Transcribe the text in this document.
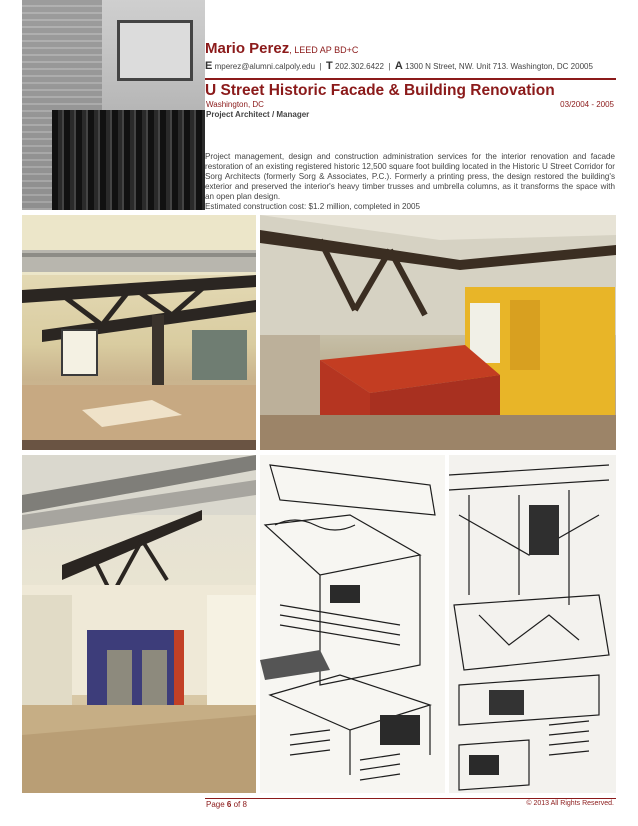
Mario Perez, LEED AP BD+C
E mperez@alumni.calpoly.edu | T 202.302.6422 | A 1300 N Street, NW. Unit 713. Washington, DC 20005
U Street Historic Facade & Building Renovation
Washington, DC	03/2004 - 2005
Project Architect / Manager
Project management, design and construction administration services for the interior renovation and facade restoration of an existing registered historic 12,500 square foot building located in the Historic U Street Corridor for Sorg Architects (formerly Sorg & Associates, P.C.). Formerly a printing press, the design restored the building's exterior and preserved the interior's heavy timber trusses and umbrella columns, as it transforms the space with an open plan design.
Estimated construction cost: $1.2 million, completed in 2005
Page 6 of 8	© 2013 All Rights Reserved.
